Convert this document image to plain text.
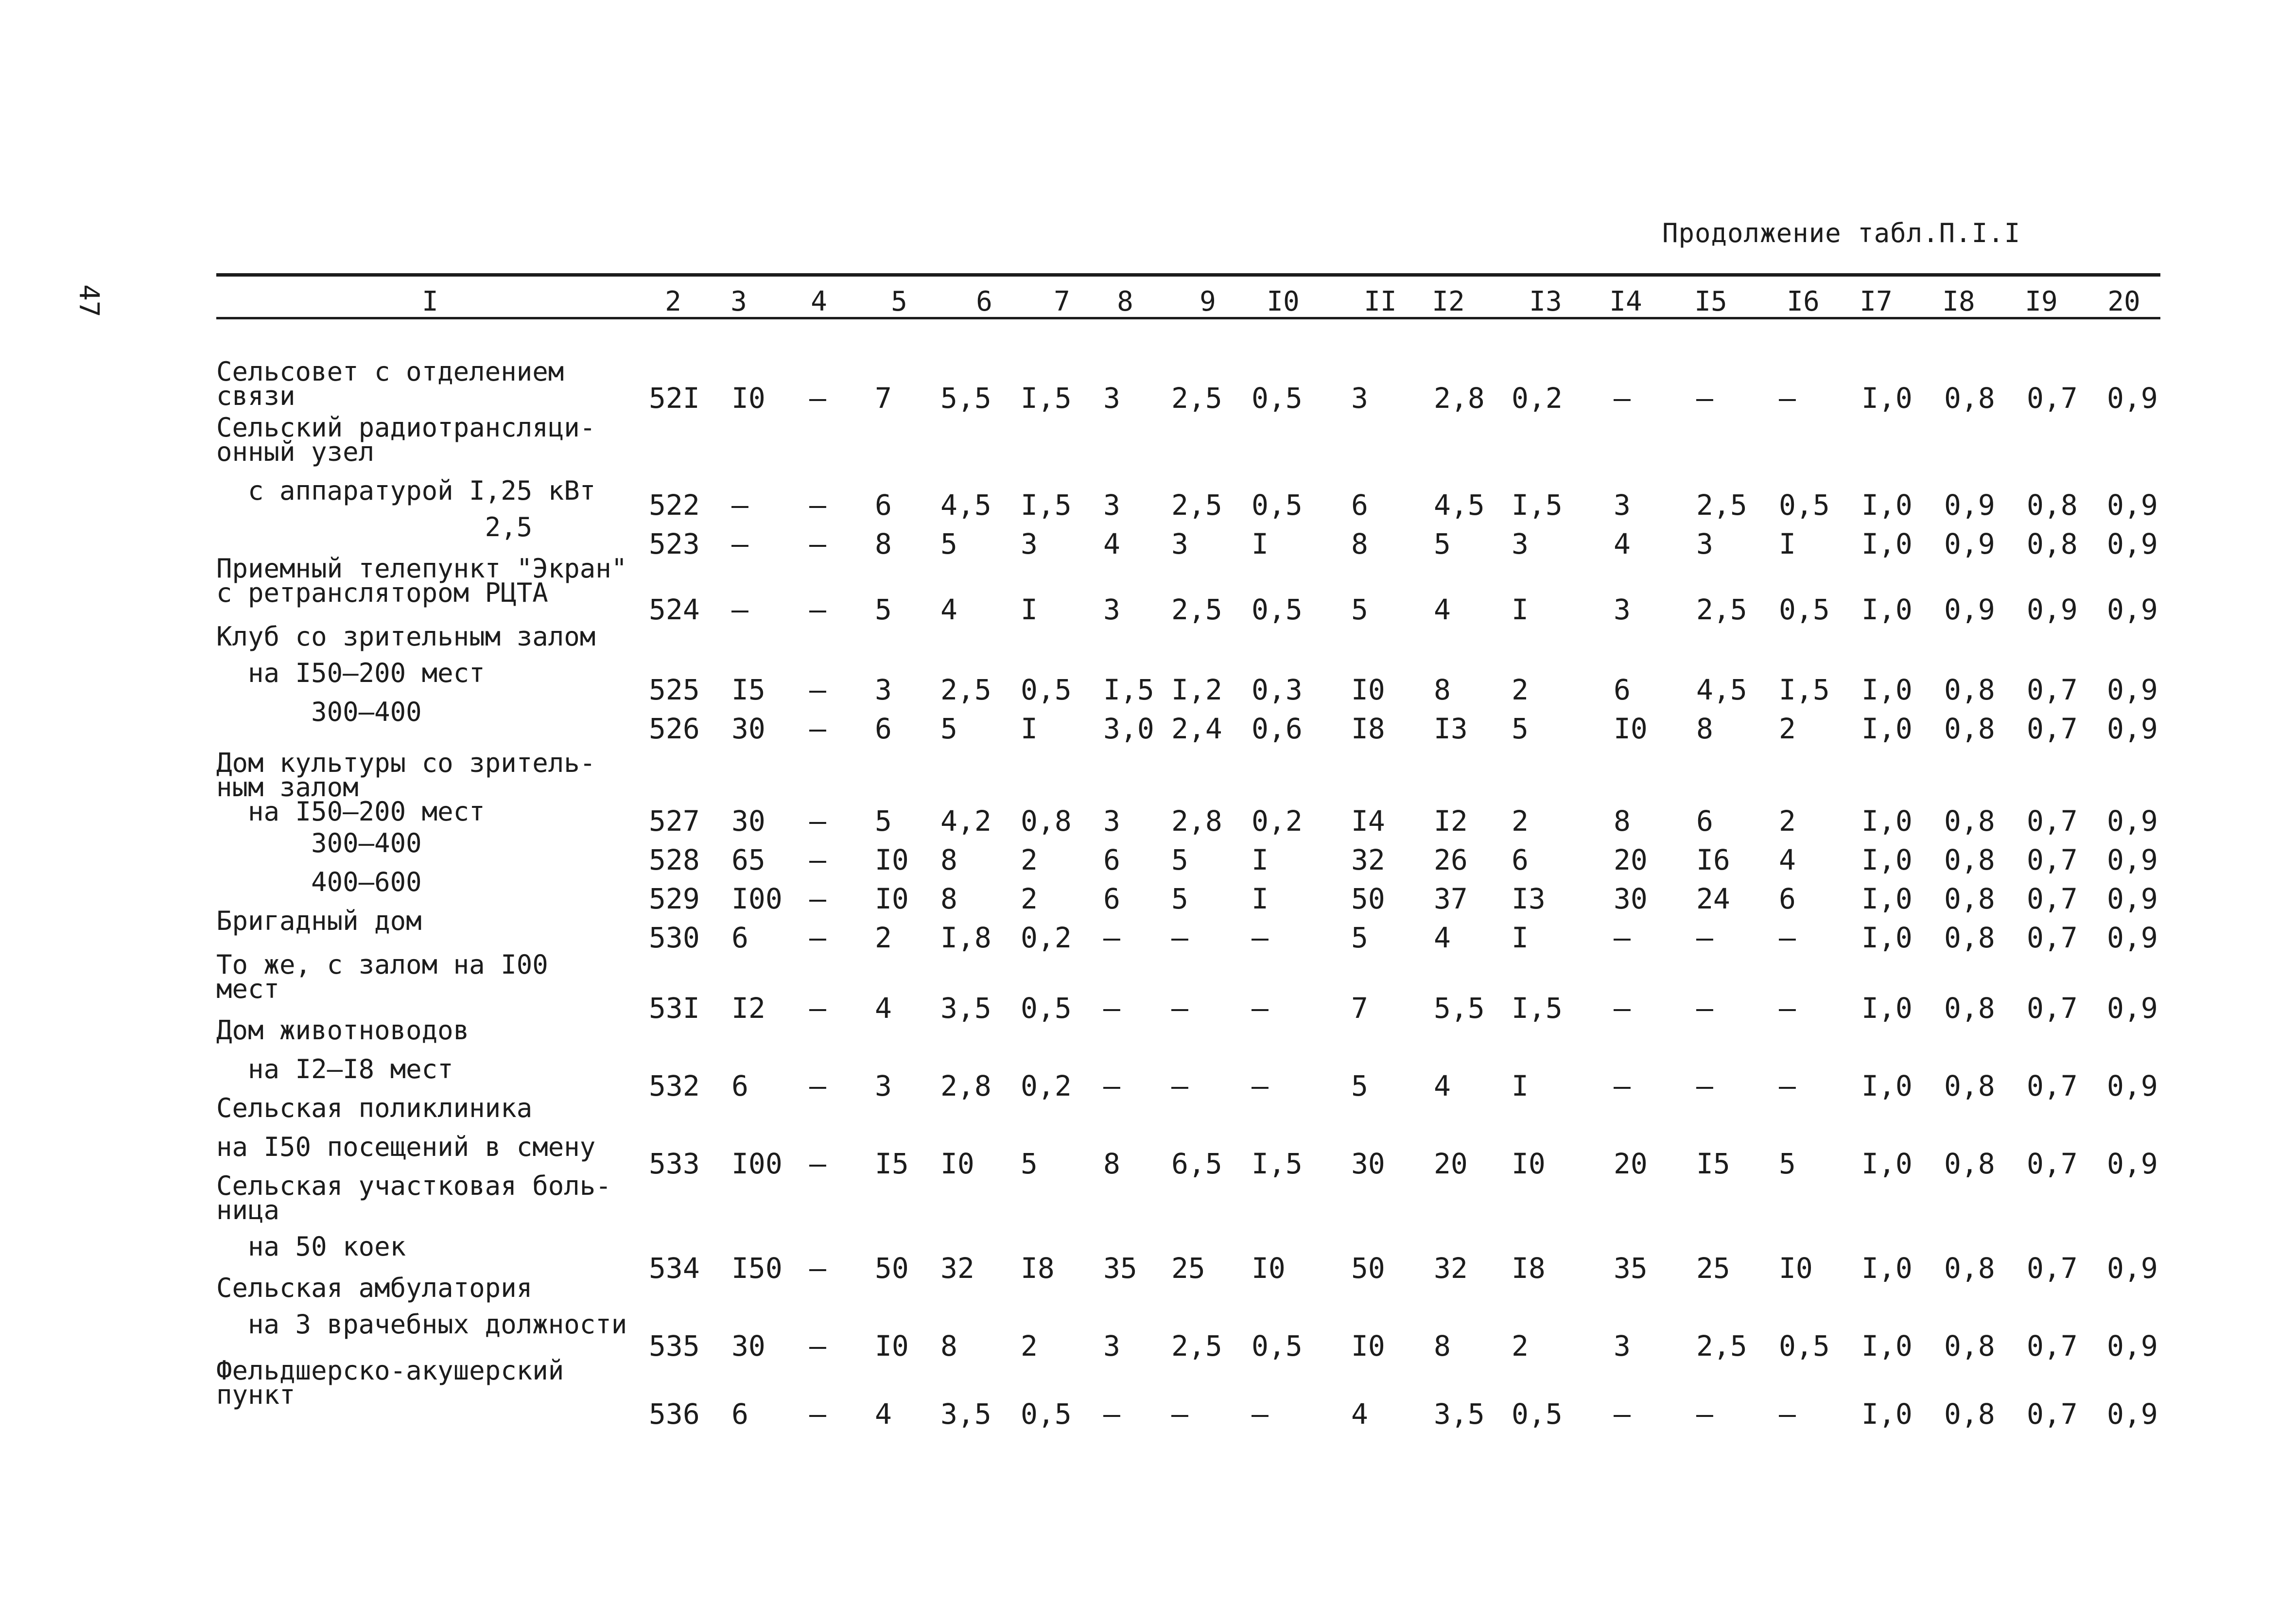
47
Продолжение табл.П.I.I
I	2	3	4	5	6	7	8	9	I0	II	I2	I3	I4	I5	I6	I7	I8	I9	20
Сельсовет с отделением
связи	52I I0 – 7 5,5 I,5 3 2,5 0,5 3 2,8 0,2 – – – I,0 0,8 0,7 0,9
Сельский радиотрансляци-
онный узел
с аппаратурой I,25 кВт 522 – – 6 4,5 I,5 3 2,5 0,5 6 4,5 I,5 3 2,5 0,5 I,0 0,9 0,8 0,9
2,5
523 – – 8 5 3 4 3 I	8 5 3	4 3 I I,0 0,9 0,8 0,9
Приемный телепункт "Экран"
с ретранслятором РЦТА
524 – – 5 4 I 3 2,5 0,5 5 4 I	3 2,5 0,5 I,0 0,9 0,9 0,9
Клуб со зрительным залом
на I50–200 мест
525 I5 – 3 2,5 0,5 I,5 I,2 0,3 I0 8 2	6 4,5 I,5 I,0 0,8 0,7 0,9
300–400
526 30 – 6 5 I 3,0 2,4 0,6 I8 I3 5	I0 8 2 I,0 0,8 0,7 0,9
Дом культуры со зритель-
ным залом
на I50–200 мест	527 30 – 5 4,2 0,8 3 2,8 0,2 I4 I2 2	8 6 2 I,0 0,8 0,7 0,9
300–400
528 65 – I0 8 2 6 5 I	32 26 6	20 I6 4 I,0 0,8 0,7 0,9
400–600
529 I00 – I0 8 2 6 5 I	50 37 I3 30 24 6 I,0 0,8 0,7 0,9
Бригадный дом
530 6 – 2 I,8 0,2 – – –	5 4 I	– – – I,0 0,8 0,7 0,9
То же, с залом на I00
мест
53I I2 – 4 3,5 0,5 – – –	7 5,5 I,5 – – – I,0 0,8 0,7 0,9
Дом животноводов
на I2–I8 мест
532 6 – 3 2,8 0,2 – – –	5 4 I	– – – I,0 0,8 0,7 0,9
Сельская поликлиника
на I50 посещений в смену
533 I00 – I5 I0 5 8 6,5 I,5 30 20 I0 20 I5 5 I,0 0,8 0,7 0,9
Сельская участковая боль-
ница
на 50 коек
534 I50 – 50 32 I8 35 25 I0 50 32 I8 35 25 I0 I,0 0,8 0,7 0,9
Сельская амбулатория
на 3 врачебных должности
535 30 – I0 8 2 3 2,5 0,5 I0 8 2	3 2,5 0,5 I,0 0,8 0,7 0,9
Фельдшерско-акушерский
пункт
536 6 – 4 3,5 0,5 – – –	4 3,5 0,5 – – – I,0 0,8 0,7 0,9
